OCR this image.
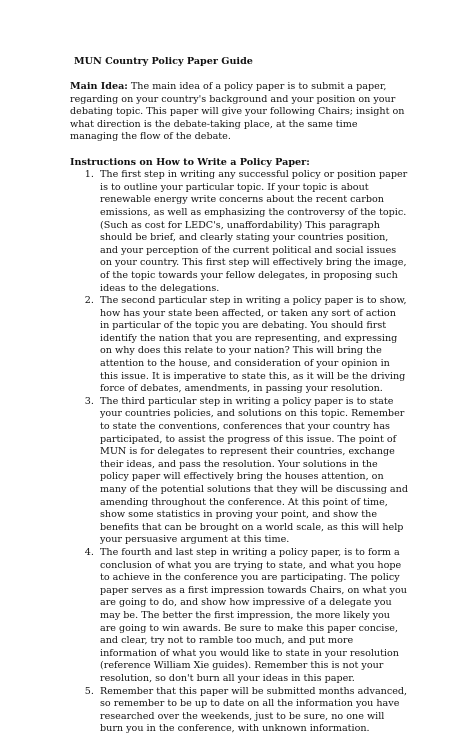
MUN Country Policy Paper Guide

Main Idea: The main idea of a policy paper is to submit a paper, regarding on your country's background and your position on your debating topic. This paper will give your following Chairs; insight on what direction is the debate-taking place, at the same time managing the flow of the debate.

Instructions on How to Write a Policy Paper:
1. The first step in writing any successful policy or position paper is to outline your particular topic. If your topic is about renewable energy write concerns about the recent carbon emissions, as well as emphasizing the controversy of the topic. (Such as cost for LEDC's, unaffordability) This paragraph should be brief, and clearly stating your countries position, and your perception of the current political and social issues on your country. This first step will effectively bring the image, of the topic towards your fellow delegates, in proposing such ideas to the delegations.
2. The second particular step in writing a policy paper is to show, how has your state been affected, or taken any sort of action in particular of the topic you are debating. You should first identify the nation that you are representing, and expressing on why does this relate to your nation? This will bring the attention to the house, and consideration of your opinion in this issue. It is imperative to state this, as it will be the driving force of debates, amendments, in passing your resolution.
3. The third particular step in writing a policy paper is to state your countries policies, and solutions on this topic. Remember to state the conventions, conferences that your country has participated, to assist the progress of this issue. The point of MUN is for delegates to represent their countries, exchange their ideas, and pass the resolution. Your solutions in the policy paper will effectively bring the houses attention, on many of the potential solutions that they will be discussing and amending throughout the conference. At this point of time, show some statistics in proving your point, and show the benefits that can be brought on a world scale, as this will help your persuasive argument at this time.
4. The fourth and last step in writing a policy paper, is to form a conclusion of what you are trying to state, and what you hope to achieve in the conference you are participating. The policy paper serves as a first impression towards Chairs, on what you are going to do, and show how impressive of a delegate you may be. The better the first impression, the more likely you are going to win awards. Be sure to make this paper concise, and clear, try not to ramble too much, and put more information of what you would like to state in your resolution (reference William Xie guides). Remember this is not your resolution, so don't burn all your ideas in this paper.
5. Remember that this paper will be submitted months advanced, so remember to be up to date on all the information you have researched over the weekends, just to be sure, no one will burn you in the conference, with unknown information.
